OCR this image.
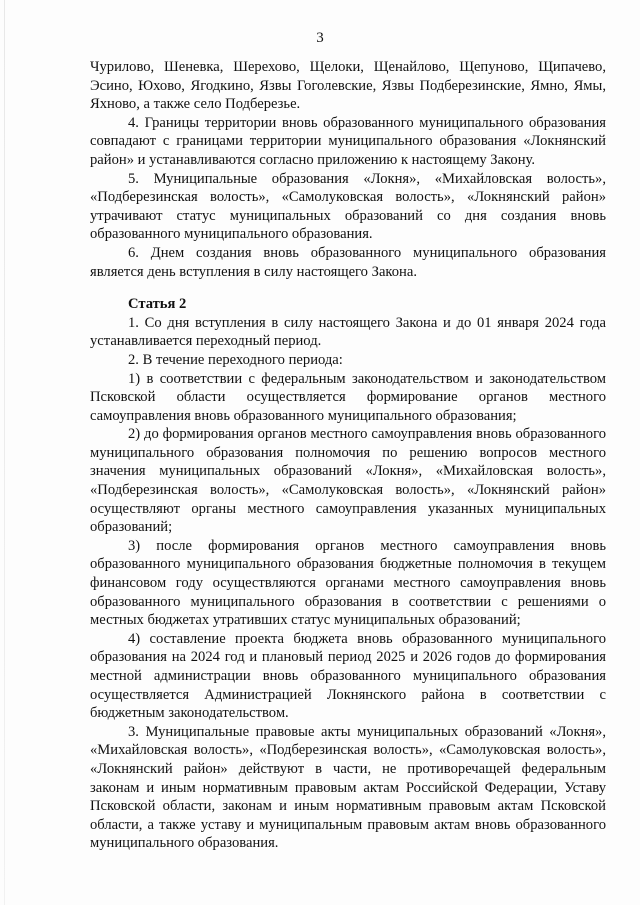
3

Чурилово, Шеневка, Шерехово, Щелоки, Щенайлово, Щепуново, Щипачево, Эсино, Юхово, Ягодкино, Язвы Гоголевские, Язвы Подберезинские, Ямно, Ямы, Яхново, а также село Подберезье.

4. Границы территории вновь образованного муниципального образования совпадают с границами территории муниципального образования «Локнянский район» и устанавливаются согласно приложению к настоящему Закону.

5. Муниципальные образования «Локня», «Михайловская волость», «Подберезинская волость», «Самолуковская волость», «Локнянский район» утрачивают статус муниципальных образований со дня создания вновь образованного муниципального образования.

6. Днем создания вновь образованного муниципального образования является день вступления в силу настоящего Закона.

Статья 2

1. Со дня вступления в силу настоящего Закона и до 01 января 2024 года устанавливается переходный период.

2. В течение переходного периода:

1) в соответствии с федеральным законодательством и законодательством Псковской области осуществляется формирование органов местного самоуправления вновь образованного муниципального образования;

2) до формирования органов местного самоуправления вновь образованного муниципального образования полномочия по решению вопросов местного значения муниципальных образований «Локня», «Михайловская волость», «Подберезинская волость», «Самолуковская волость», «Локнянский район» осуществляют органы местного самоуправления указанных муниципальных образований;

3) после формирования органов местного самоуправления вновь образованного муниципального образования бюджетные полномочия в текущем финансовом году осуществляются органами местного самоуправления вновь образованного муниципального образования в соответствии с решениями о местных бюджетах утративших статус муниципальных образований;

4) составление проекта бюджета вновь образованного муниципального образования на 2024 год и плановый период 2025 и 2026 годов до формирования местной администрации вновь образованного муниципального образования осуществляется Администрацией Локнянского района в соответствии с бюджетным законодательством.

3. Муниципальные правовые акты муниципальных образований «Локня», «Михайловская волость», «Подберезинская волость», «Самолуковская волость», «Локнянский район» действуют в части, не противоречащей федеральным законам и иным нормативным правовым актам Российской Федерации, Уставу Псковской области, законам и иным нормативным правовым актам Псковской области, а также уставу и муниципальным правовым актам вновь образованного муниципального образования.
